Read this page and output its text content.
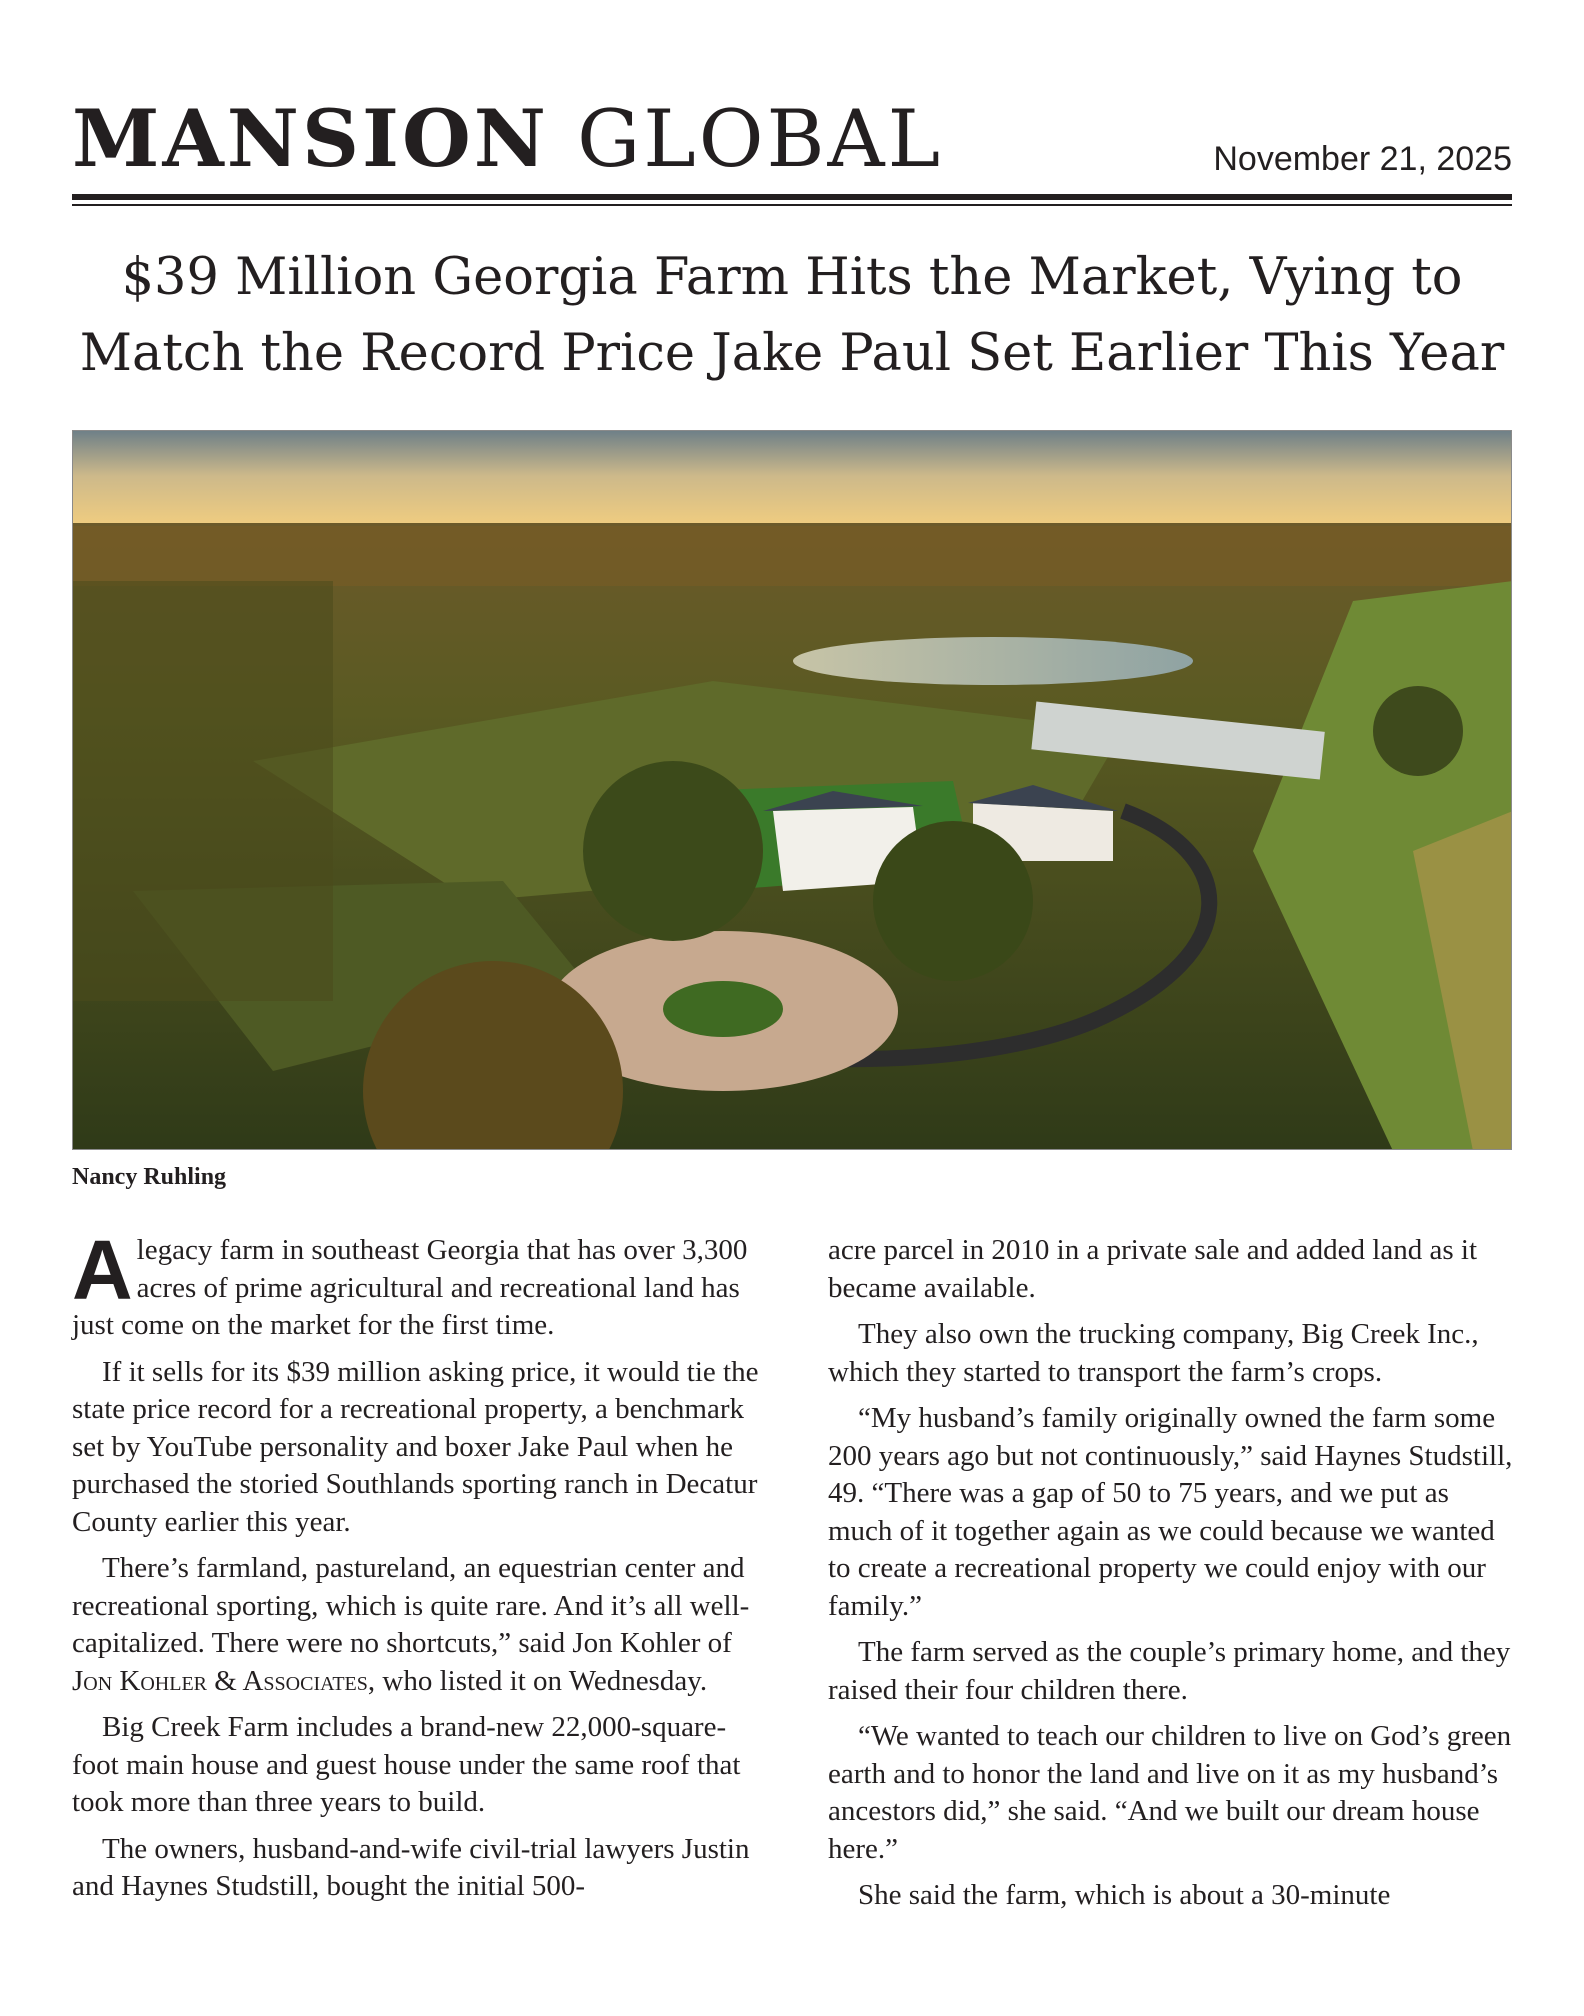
MANSION GLOBAL	November 21, 2025
$39 Million Georgia Farm Hits the Market, Vying to
Match the Record Price Jake Paul Set Earlier This Year
Nancy Ruhling

Alegacy farm in southeast Georgia that has over 3,300 acres of prime agricultural and recreational land has just come on the market for the first time.

If it sells for its $39 million asking price, it would tie the state price record for a recreational property, a benchmark set by YouTube personality and boxer Jake Paul when he purchased the storied Southlands sporting ranch in Decatur County earlier this year.

There’s farmland, pastureland, an equestrian center and recreational sporting, which is quite rare. And it’s all well-capitalized. There were no shortcuts,” said Jon Kohler of Jon Kohler & Associates, who listed it on Wednesday.

Big Creek Farm includes a brand-new 22,000-square-foot main house and guest house under the same roof that took more than three years to build.

The owners, husband-and-wife civil-trial lawyers Justin and Haynes Studstill, bought the initial 500-

acre parcel in 2010 in a private sale and added land as it became available.

They also own the trucking company, Big Creek Inc., which they started to transport the farm’s crops.

“My husband’s family originally owned the farm some 200 years ago but not continuously,” said Haynes Studstill, 49. “There was a gap of 50 to 75 years, and we put as much of it together again as we could because we wanted to create a recreational property we could enjoy with our family.”

The farm served as the couple’s primary home, and they raised their four children there.

“We wanted to teach our children to live on God’s green earth and to honor the land and live on it as my husband’s ancestors did,” she said. “And we built our dream house here.”

She said the farm, which is about a 30-minute
